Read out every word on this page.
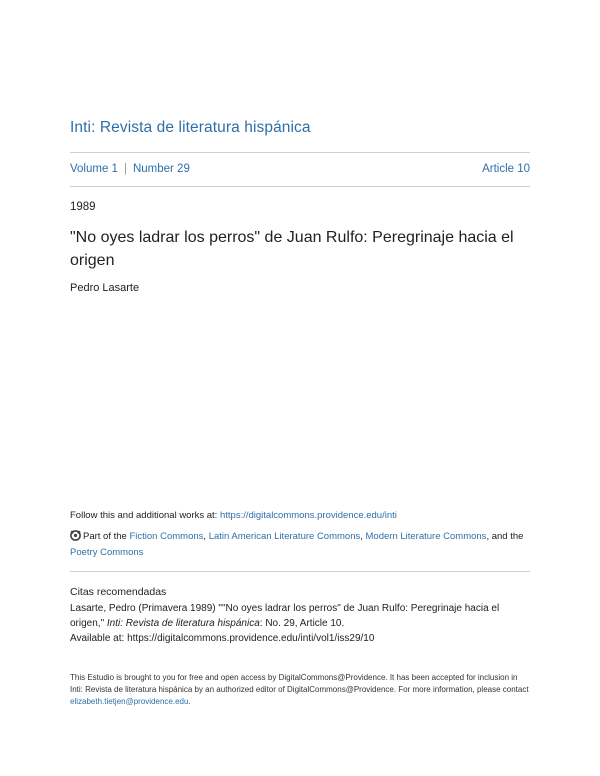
Inti: Revista de literatura hispánica
Volume 1 | Number 29	Article 10
1989
"No oyes ladrar los perros" de Juan Rulfo: Peregrinaje hacia el origen
Pedro Lasarte
Follow this and additional works at: https://digitalcommons.providence.edu/inti
Part of the Fiction Commons, Latin American Literature Commons, Modern Literature Commons, and the Poetry Commons
Citas recomendadas
Lasarte, Pedro (Primavera 1989) ""No oyes ladrar los perros" de Juan Rulfo: Peregrinaje hacia el origen," Inti: Revista de literatura hispánica: No. 29, Article 10.
Available at: https://digitalcommons.providence.edu/inti/vol1/iss29/10
This Estudio is brought to you for free and open access by DigitalCommons@Providence. It has been accepted for inclusion in Inti: Revista de literatura hispánica by an authorized editor of DigitalCommons@Providence. For more information, please contact elizabeth.tietjen@providence.edu.
